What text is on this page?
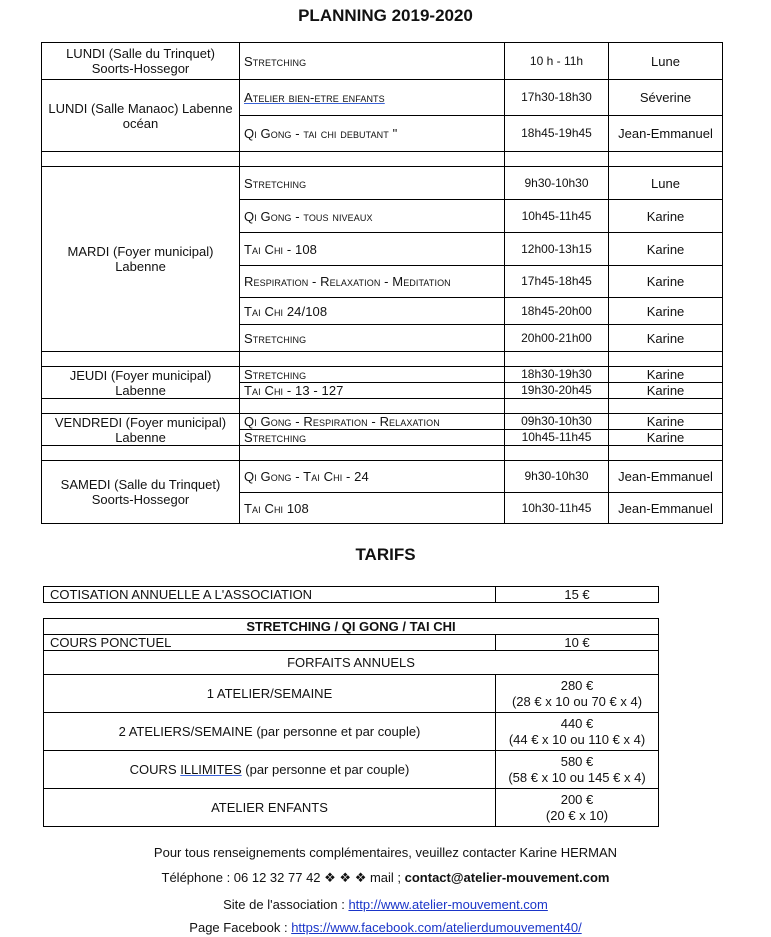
PLANNING 2019-2020
LUNDI (Salle du Trinquet) Soorts-Hossegor	Stretching	10 h - 11h	Lune
LUNDI (Salle Manaoc) Labenne océan	Atelier bien-etre enfants	17h30-18h30	Séverine
	Qi Gong - tai chi debutant "	18h45-19h45	Jean-Emmanuel

MARDI (Foyer municipal) Labenne	Stretching	9h30-10h30	Lune
	Qi Gong - tous niveaux	10h45-11h45	Karine
	Tai Chi - 108	12h00-13h15	Karine
	Respiration - Relaxation - Meditation	17h45-18h45	Karine
	Tai Chi 24/108	18h45-20h00	Karine
	Stretching	20h00-21h00	Karine

JEUDI (Foyer municipal) Labenne	Stretching	18h30-19h30	Karine
	Tai Chi - 13 - 127	19h30-20h45	Karine

VENDREDI (Foyer municipal) Labenne	Qi Gong - Respiration - Relaxation	09h30-10h30	Karine
	Stretching	10h45-11h45	Karine

SAMEDI (Salle du Trinquet) Soorts-Hossegor	Qi Gong - Tai Chi - 24	9h30-10h30	Jean-Emmanuel
	Tai Chi 108	10h30-11h45	Jean-Emmanuel
TARIFS
COTISATION ANNUELLE A L'ASSOCIATION	15 €
STRETCHING / QI GONG / TAI CHI	
COURS PONCTUEL	10 €
FORFAITS ANNUELS	
1 ATELIER/SEMAINE	280 €
(28 € x 10 ou 70 € x 4)

2 ATELIERS/SEMAINE (par personne et par couple)	440 €
(44 € x 10 ou 110 € x 4)

COURS ILLIMITES (par personne et par couple)	580 €
(58 € x 10 ou 145 € x 4)

ATELIER ENFANTS	200 €
(20 € x 10)
Pour tous renseignements complémentaires, veuillez contacter Karine HERMAN
Téléphone : 06 12 32 77 42 ❖ ❖ ❖ mail ; contact@atelier-mouvement.com
Site de l'association : http://www.atelier-mouvement.com
Page Facebook : https://www.facebook.com/atelierdumouvement40/
